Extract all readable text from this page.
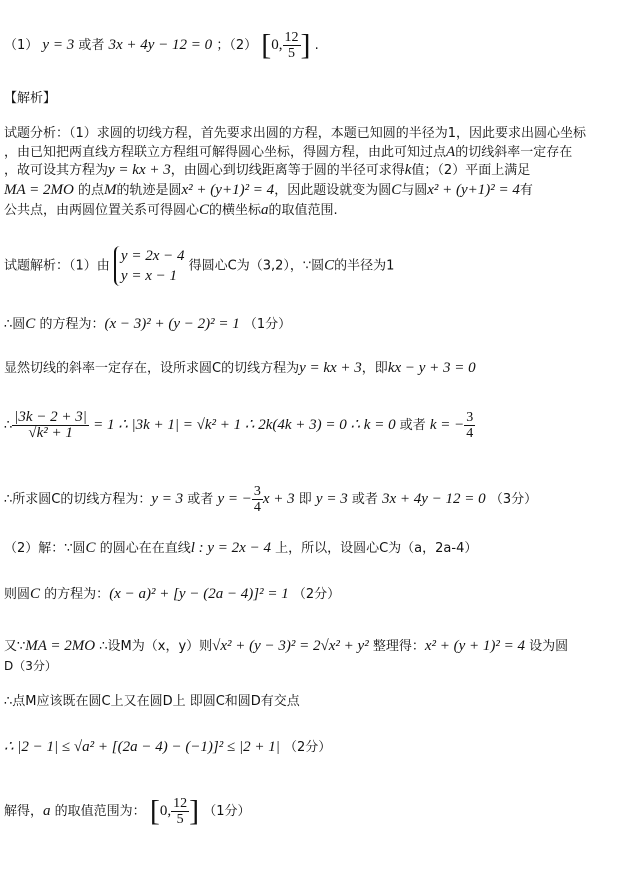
（1） y = 3 或者 3x + 4y − 12 = 0 ；（2） [0, $\frac{12}{5}$ ] .
【解析】
试题分析：（1）求圆的切线方程，首先要求出圆的方程，本题已知圆的半径为1，因此要求出圆心坐标
，由已知把两直线方程联立方程组可解得圆心坐标，得圆方程，由此可知过点A的切线斜率一定存在
，故可设其方程为y = kx + 3，由圆心到切线距离等于圆的半径可求得k值；（2）平面上满足
MA = 2MO 的点M的轨迹是圆x² + (y+1)² = 4，因此题设就变为圆C与圆x² + (y+1)² = 4有
公共点，由两圆位置关系可得圆心C的横坐标a的取值范围.
试题解析：（1）由
y = 2x − 4
y = x − 1
得圆心C为（3,2），∵圆C的半径为1
∴圆C 的方程为：(x − 3)² + (y − 2)² = 1 （1分）
显然切线的斜率一定存在，设所求圆C的切线方程为y = kx + 3，即kx − y + 3 = 0
∴ $\frac{|3k - 2 + 3|}{\text{√k² + 1}} = 1$ ∴ |3k + 1| = √k² + 1 ∴ 2k(4k + 3) = 0 ∴ k = 0 或者 k = − $\frac{3}{4}$
∴所求圆C的切线方程为：y = 3 或者 y = − $\frac{3}{4}$ x + 3 即 y = 3 或者 3x + 4y − 12 = 0 （3分）
（2）解：∵圆C 的圆心在在直线l : y = 2x − 4 上，所以，设圆心C为（a，2a-4）
则圆C 的方程为：(x − a)² + [y − (2a − 4)]² = 1 （2分）
又∵MA = 2MO ∴设M为（x，y）则√x² + (y − 3)² = 2√x² + y² 整理得：x² + (y + 1)² = 4 设为圆
D（3分）
∴点M应该既在圆C上又在圆D上 即圆C和圆D有交点
∴ |2 − 1| ≤ √a² + [(2a − 4) − (−1)]² ≤ |2 + 1| （2分）
解得，a 的取值范围为： [0, $\frac{12}{5}$ ] （1分）
